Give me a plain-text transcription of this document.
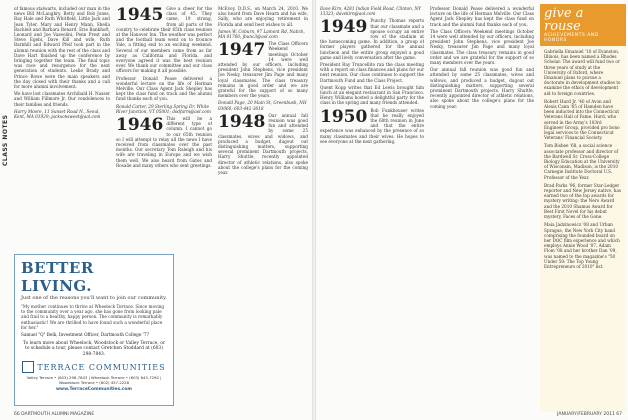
CLASS NOTES

of famous stalwarts, included our man in the news Bill McLaughry. Betty and Bob Jones, Ray Hale and Ruth Whitfield, Little Jack and Jean Tyler, Mary and Henry Mann, Sheila Bachleit and Barbara Benard. Erie Bankhoft, Leonard and Joe Vazeolini, Penn Prest and Steve Egebi, Dave Kill and wife, Ruth Barnhill and Edward Pfeif took part in the alumni reunion with the rest of the class and Dave Hart finished up the conference by bringing together the team. The final topic was race and resurgence for the next generation of students. Leslie Brady and Prince Rowe were the main speakers and the day closed with their thanks and a call for more alumni involvement.

We have lost classmates Archibald H. Nasser and William Fillmore Jr. Our condolences to their families and friends.

Harry Moore, 11 Sunset Road N., Seoul, Kent, MA 01929; jacksonsweet@aol.com

1945 Give a cheer for the class of 45. They came, 19 strong, from all parts of the country to celebrate their 65th class reunion at the Hanover Inn. The weather was perfect and the football team went on to trounce Yale, a fitting end to an exciting weekend. Several of our members came from as far away as California and Florida, and everyone agreed it was the best reunion ever. We thank our committee and our class officers for making it all possible.

Professor Donald Pease delivered a wonderful lecture on the life of Herman Melville. Our Class Agent Jack Shepley has kept the class fund on track and the alumni fund thanks each of you.

Ronald Carter, 29 Sterling Spring Dr, White River Junction, VT 05001; dodfarm@aol.com

1946 This will be a different type of column. I cannot go to our 65th reunion so I will attempt to relay all the news I have received from classmates over the past months. Our secretary Tom Raleigh and his wife are traveling in Europe and we wish them well. We also heard from Gates and Rosalie and many others who sent greetings.

McEvoy, D.D.S., on March 24, 2010. We also heard from Dave Hearn and his wife, Sally, who are enjoying retirement in Florida and send best wishes to all.

James W. Coburn, 97 Lamont Rd, Natick, MA 01760; jbunc3@aol.com

1947 The Class Officers Weekend meetings October 14 were well attended by our officers, including president John Stephens, vice president Joe Nesky, treasurer Jim Page and many loyal classmates. The class treasury remains in good order and we are grateful for the support of so many members over the years.

Donald Page, 20 Main St, Greenbush, NH 03060; 603-442-3618

1948 Our annual fall reunion was good fun and attended by some 25 classmates, wives and widows, and produced a budget, dugout out distinguishing matters, supporting several prominent Dartmouth projects. Harry Shuttle, recently appointed director of athletic relations, also spoke about the college's plans for the coming year.

BETTER LIVING.
Just one of the reasons you'll want to join our community.
"My mother continues to thrive at Wheelock Terrace. Since moving to the community over a year ago, she has gone from looking pale and frail to a healthy, happy person. The community is remarkably enthusiastic! We are thrilled to have found such a wonderful place for her."
Samuel "Q" Belk, Investment Officer, Dartmouth College '77
To learn more about Wheelock, Woodstock or Valley Terrace, or to schedule a tour, please contact Gretchen Stoddard at (603) 298-7843.
TERRACE COMMUNITIES
Valley Terrace • (603) 298-7843 | Wheelock Terrace • (603) 643-7290 | Woodstock Terrace • (802) 457-2228
www.TerraceCommunities.com
66 DARTMOUTH ALUMNI MAGAZINE

Dave Kirn, 4281 Indian Field Road, Clinton, NY 13323; davekirn@aol.com

1949 Punchy Thomas reports that our classmate and a spouse occupy an entire row of the stadium at the homecoming game. In addition, a group of former players gathered for the annual luncheon and the entire group enjoyed a good game and lively conversation after the game.

President Ray Truncellito ran the class meeting with a report on class finances and plans for our next reunion. Our class continues to support the Dartmouth Fund and the Class Project.

Quent Kopp writes that Ed Lewis brought him lunch at an elegant restaurant in San Francisco. Henry Williams hosted a delightful party for the class in the spring and many friends attended.

1950 Bob Funkhouser writes that he really enjoyed the 60th reunion in June and that the entire experience was enhanced by the presence of so many classmates and their wives. He hopes to see everyone at the next gathering.

Professor Donald Pease delivered a wonderful lecture on the life of Herman Melville. Our Class Agent Jack Shepley has kept the class fund on track and the alumni fund thanks each of you.

The Class Officers Weekend meetings October 14 were well attended by our officers, including president John Stephens, vice president Joe Nesky, treasurer Jim Page and many loyal classmates. The class treasury remains in good order and we are grateful for the support of so many members over the years.

Our annual fall reunion was good fun and attended by some 25 classmates, wives and widows, and produced a budget, dugout out distinguishing matters, supporting several prominent Dartmouth projects. Harry Shuttle, recently appointed director of athletic relations, also spoke about the college's plans for the coming year.

give a rouse
ACHIEVEMENTS AND HONORS

Gabriella Emanuel '10 of Evanston, Illinois, has been named a Rhodes Scholar. The award will fund two or three years of study at the University of Oxford, where Emanuel plans to pursue a doctorate in development studies to examine the ethics of development aid to foreign countries.

Robert Hurd Jr. '40 of Avon and Alexis Cann '65 of Hamden have been inducted into the Connecticut Veterans Hall of Fame. Hurd, who served in the Army's 103rd Engineer Group, provided pro bono legal services to the Connecticut Veterans' Financial Society.

Tom Bisbee '68, a social science associate professor and director of the Bardwell Sr. Cross-College Biology Education at the University of Wisconsin, Madison, is the 2010 Carnegie Institute Doctoral U.S. Professor of the Year.

Brad Parks '96, former Star-Ledger reporter and New Jersey native, has earned two of the top awards for mystery writing: the Nero Award and the 2010 Shamus Award for Best First Novel for his debut mystery, Faces of the Gone.

Maia Jadzinowicz '08 and Urban Sprague, the New York City band comprising the founded board on her DOC film experience and which employs Annie Wood '07, Adam Flom '08 and her brother Dan '09, was named to the magazine's "50 Under 50: The Top Young Entrepreneurs of 2010" list.

JANUARY/FEBRUARY 2011 67
